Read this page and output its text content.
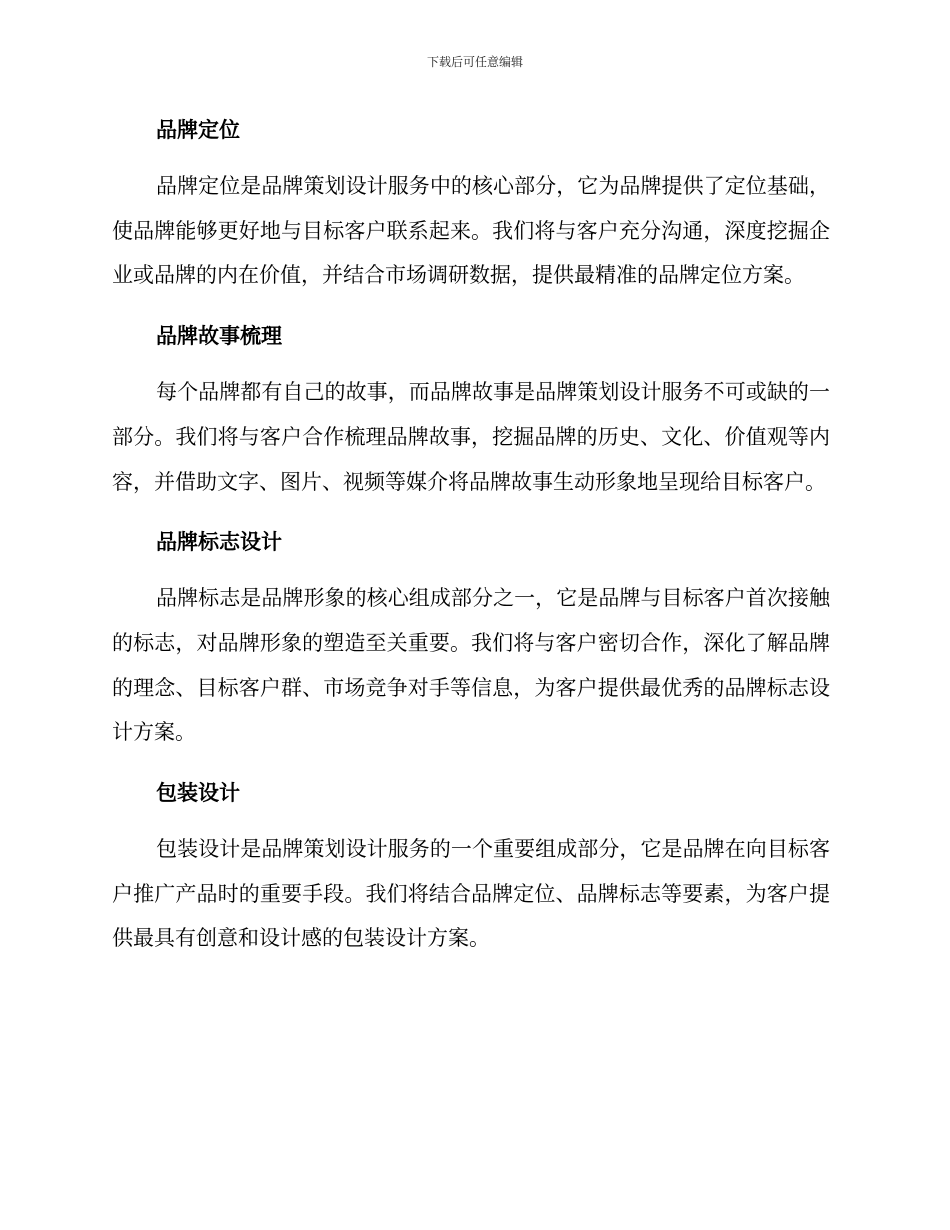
下载后可任意编辑
品牌定位

品牌定位是品牌策划设计服务中的核心部分，它为品牌提供了定位基础，使品牌能够更好地与目标客户联系起来。我们将与客户充分沟通，深度挖掘企业或品牌的内在价值，并结合市场调研数据，提供最精准的品牌定位方案。

品牌故事梳理

每个品牌都有自己的故事，而品牌故事是品牌策划设计服务不可或缺的一部分。我们将与客户合作梳理品牌故事，挖掘品牌的历史、文化、价值观等内容，并借助文字、图片、视频等媒介将品牌故事生动形象地呈现给目标客户。

品牌标志设计

品牌标志是品牌形象的核心组成部分之一，它是品牌与目标客户首次接触的标志，对品牌形象的塑造至关重要。我们将与客户密切合作，深化了解品牌的理念、目标客户群、市场竞争对手等信息，为客户提供最优秀的品牌标志设计方案。

包装设计

包装设计是品牌策划设计服务的一个重要组成部分，它是品牌在向目标客户推广产品时的重要手段。我们将结合品牌定位、品牌标志等要素，为客户提供最具有创意和设计感的包装设计方案。
